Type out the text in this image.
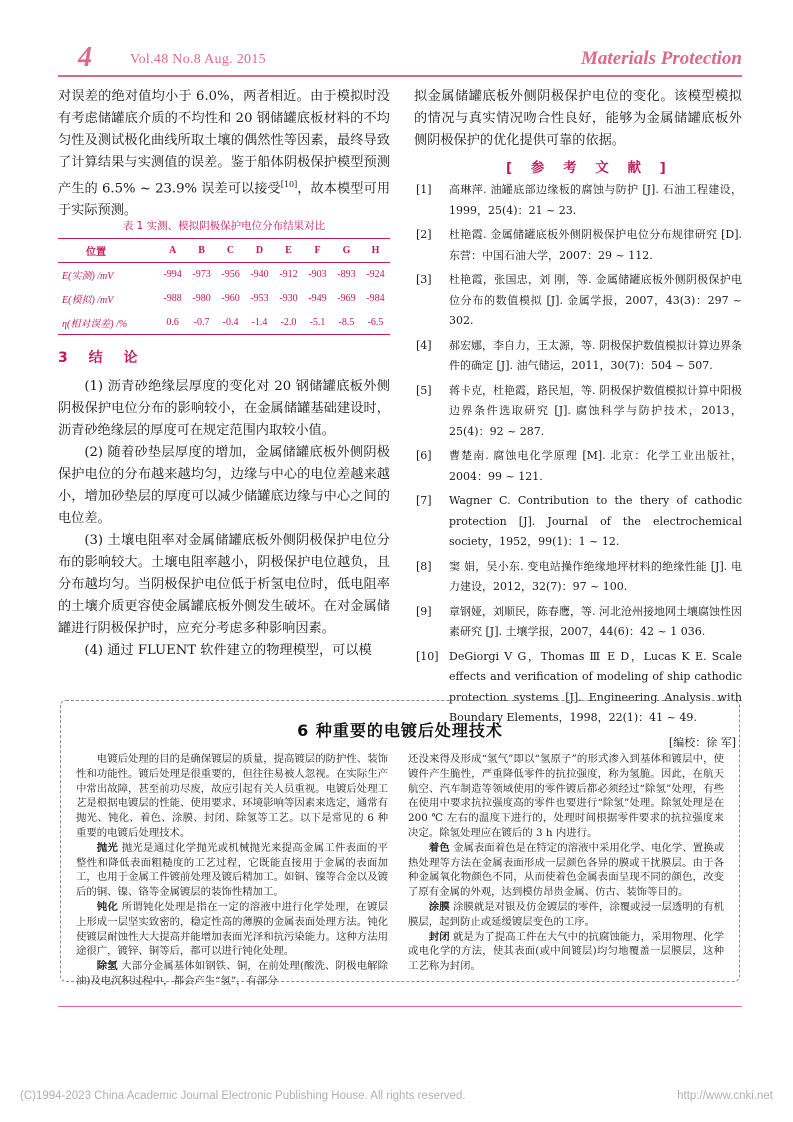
4	Vol.48 No.8 Aug. 2015	Materials Protection
对误差的绝对值均小于 6.0%，两者相近。由于模拟时没有考虑储罐底介质的不均性和 20 钢储罐底板材料的不均匀性及测试极化曲线所取土壤的偶然性等因素，最终导致了计算结果与实测值的误差。鉴于船体阴极保护模型预测产生的 6.5% ~ 23.9% 误差可以接受[10]，故本模型可用于实际预测。
表 1 实测、模拟阴极保护电位分布结果对比
位置	A	B	C	D	E	F	G	H
E(实测) /mV	-994	-973	-956	-940	-912	-903	-893	-924
E(模拟) /mV	-988	-980	-960	-953	-930	-949	-969	-984
η(相对误差) /%	0.6	-0.7	-0.4	-1.4	-2.0	-5.1	-8.5	-6.5
3 结 论
(1) 沥青砂绝缘层厚度的变化对 20 钢储罐底板外侧阴极保护电位分布的影响较小，在金属储罐基础建设时，沥青砂绝缘层的厚度可在规定范围内取较小值。
(2) 随着砂垫层厚度的增加，金属储罐底板外侧阴极保护电位的分布越来越均匀，边缘与中心的电位差越来越小，增加砂垫层的厚度可以减少储罐底边缘与中心之间的电位差。
(3) 土壤电阻率对金属储罐底板外侧阴极保护电位分布的影响较大。土壤电阻率越小，阴极保护电位越负，且分布越均匀。当阴极保护电位低于析氢电位时，低电阻率的土壤介质更容使金属罐底板外侧发生破坏。在对金属储罐进行阴极保护时，应充分考虑多种影响因素。
(4) 通过 FLUENT 软件建立的物理模型，可以模
拟金属储罐底板外侧阴极保护电位的变化。该模型模拟的情况与真实情况吻合性良好，能够为金属储罐底板外侧阴极保护的优化提供可靠的依据。
[ 参 考 文 献 ]
[1] 高琳萍. 油罐底部边缘板的腐蚀与防护 [J]. 石油工程建设，1999，25(4)：21 ~ 23.
[2] 杜艳霞. 金属储罐底板外侧阴极保护电位分布规律研究 [D]. 东营：中国石油大学，2007：29 ~ 112.
[3] 杜艳霞，张国忠，刘 刚，等. 金属储罐底板外侧阴极保护电位分布的数值模拟 [J]. 金属学报，2007，43(3)：297 ~ 302.
[4] 郝宏娜，李自力，王太源，等. 阴极保护数值模拟计算边界条件的确定 [J]. 油气储运，2011，30(7)：504 ~ 507.
[5] 蒋卡克，杜艳霞，路民旭，等. 阴极保护数值模拟计算中阳极边界条件选取研究 [J]. 腐蚀科学与防护技术，2013，25(4)：92 ~ 287.
[6] 曹楚南. 腐蚀电化学原理 [M]. 北京：化学工业出版社，2004：99 ~ 121.
[7] Wagner C. Contribution to the thery of cathodic protection [J]. Journal of the electrochemical society，1952，99(1)：1 ~ 12.
[8] 窦 娟，吴小东. 变电站操作绝缘地坪材料的绝缘性能 [J]. 电力建设，2012，32(7)：97 ~ 100.
[9] 章钢娅，刘顺民，陈春鹰，等. 河北沧州接地网土壤腐蚀性因素研究 [J]. 土壤学报，2007，44(6)：42 ~ 1 036.
[10] DeGiorgi V G，Thomas Ⅲ E D，Lucas K E. Scale effects and verification of modeling of ship cathodic protection systems [J]. Engineering Analysis with Boundary Elements，1998，22(1)：41 ~ 49.
[编校：徐 军]
6 种重要的电镀后处理技术

电镀后处理的目的是确保镀层的质量，提高镀层的防护性、装饰性和功能性。镀后处理是很重要的，但往往易被人忽视。在实际生产中常出故障，甚至前功尽废，故应引起有关人员重视。电镀后处理工艺是根据电镀层的性能、使用要求、环境影响等因素来选定，通常有抛光、钝化、着色、涂膜、封闭、除氢等工艺。以下是常见的 6 种重要的电镀后处理技术。

抛光 抛光是通过化学抛光或机械抛光来提高金属工件表面的平整性和降低表面粗糙度的工艺过程，它既能直接用于金属的表面加工，也用于金属工件镀前处理及镀后精加工。如铜、镍等合金以及镀后的铜、镍、铬等金属镀层的装饰性精加工。

钝化 所谓钝化处理是指在一定的溶液中进行化学处理，在镀层上形成一层坚实致密的，稳定性高的薄膜的金属表面处理方法。钝化使镀层耐蚀性大大提高并能增加表面光泽和抗污染能力。这种方法用途很广，镀锌、铜等后，都可以进行钝化处理。

除氢 大部分金属基体如钢铁、铜，在前处理(酸洗、阴极电解除油)及电沉积过程中，都会产生“氢”，有部分

还没来得及形成“氢气”即以“氢原子”的形式渗入到基体和镀层中，使镀件产生脆性，严重降低零件的抗拉强度，称为氢脆。因此，在航天航空、汽车制造等领域使用的零件镀后都必须经过“除氢”处理，有些在使用中要求抗拉强度高的零件也要进行“除氢”处理。除氢处理是在 200 ℃ 左右的温度下进行的，处理时间根据零件要求的抗拉强度来决定。除氢处理应在镀后的 3 h 内进行。

着色 金属表面着色是在特定的溶液中采用化学、电化学、置换或热处理等方法在金属表面形成一层颜色各异的膜或干扰膜层。由于各种金属氧化物颜色不同，从而使着色金属表面呈现不同的颜色，改变了原有金属的外观，达到模仿昂贵金属、仿古、装饰等目的。

涂膜 涂膜就是对银及仿金镀层的零件，涂覆或浸一层透明的有机膜层，起到防止或延缓镀层变色的工序。

封闭 就是为了提高工件在大气中的抗腐蚀能力，采用物理、化学或电化学的方法，使其表面(或中间镀层)均匀地覆盖一层膜层，这种工艺称为封闭。

(C)1994-2023 China Academic Journal Electronic Publishing House. All rights reserved.	http://www.cnki.net
